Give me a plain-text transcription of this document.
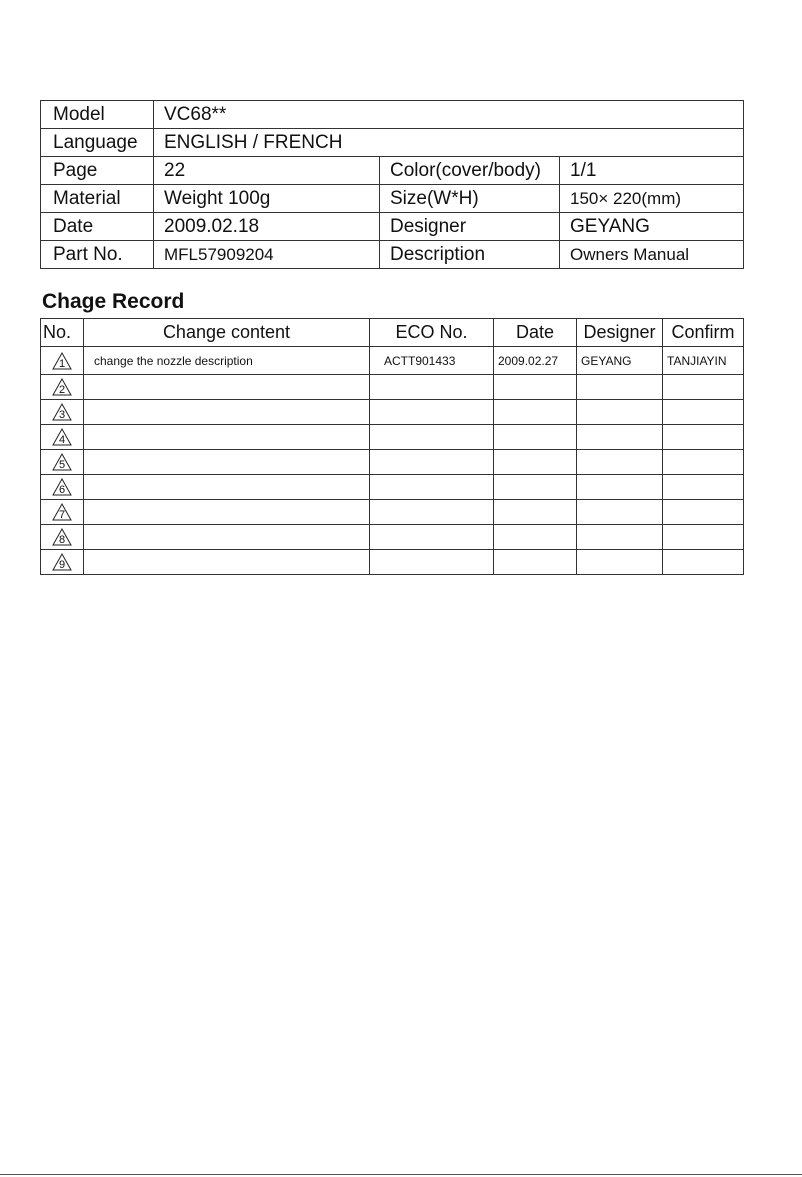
Model	VC68**		
Language	ENGLISH / FRENCH		
Page	22	Color(cover/body)	1/1
Material	Weight 100g	Size(W*H)	150× 220(mm)
Date	2009.02.18	Designer	GEYANG
Part No.	MFL57909204	Description	Owners Manual
Chage Record
No.	Change content	ECO No.	Date	Designer	Confirm

1	change the nozzle description	ACTT901433	2009.02.27	GEYANG	TANJIAYIN

2					

3					

4					

5					

6					

7					

8					

9					
